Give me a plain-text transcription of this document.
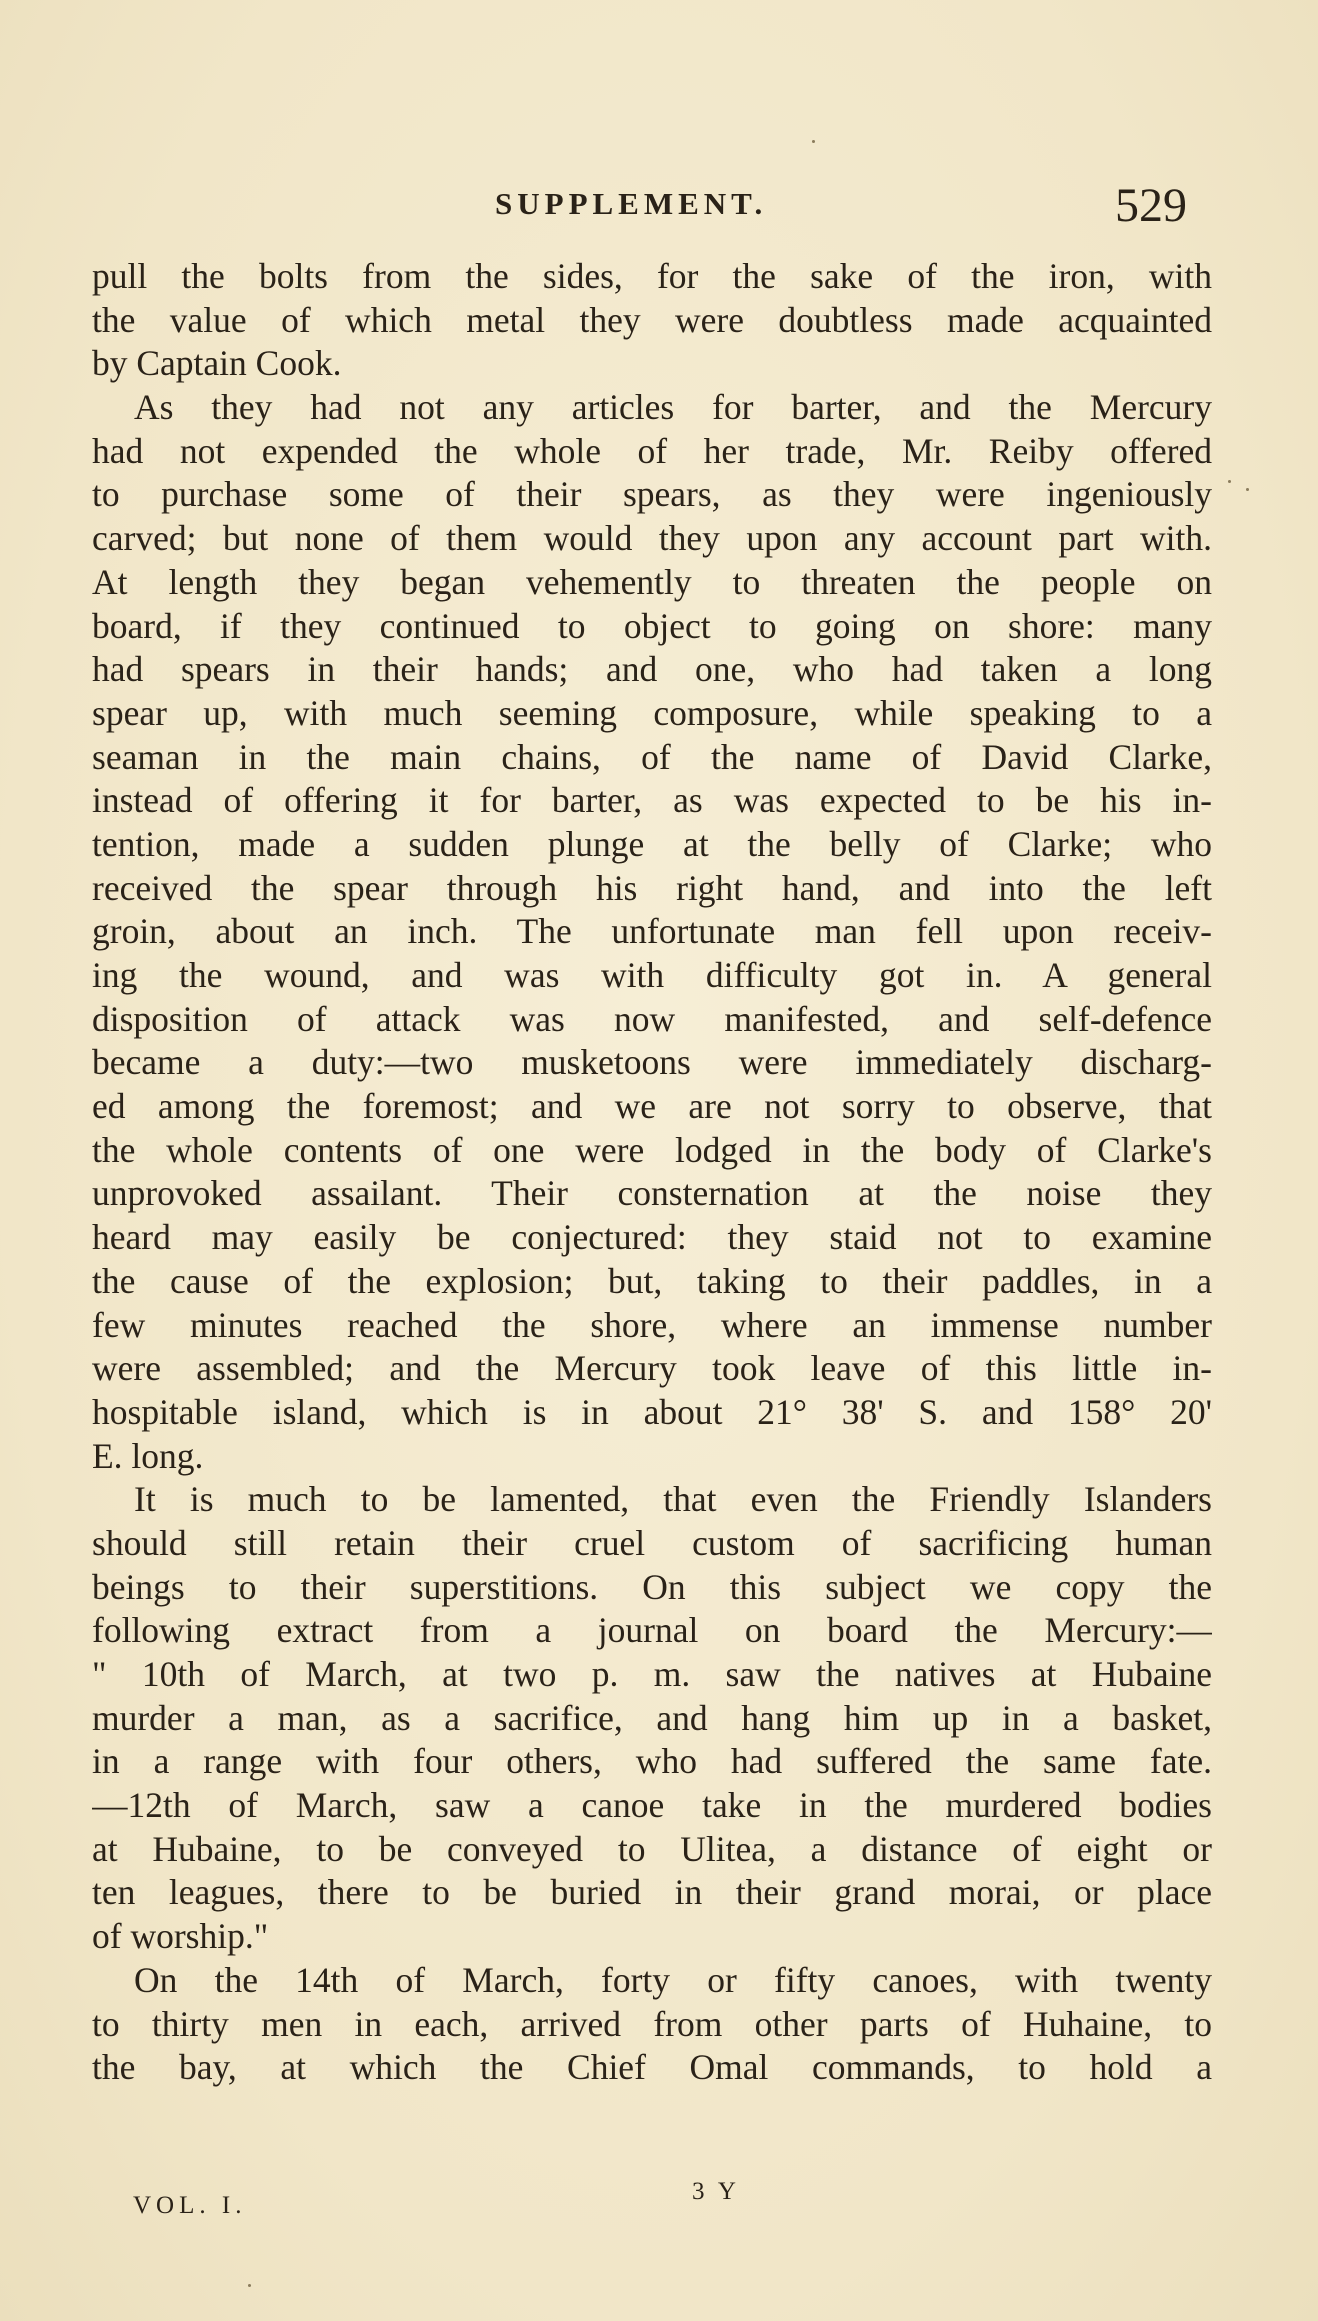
SUPPLEMENT.	529
pull the bolts from the sides, for the sake of the iron, with
the value of which metal they were doubtless made acquainted
by Captain Cook.
As they had not any articles for barter, and the Mercury
had not expended the whole of her trade, Mr. Reiby offered
to purchase some of their spears, as they were ingeniously
carved; but none of them would they upon any account part with.
At length they began vehemently to threaten the people on
board, if they continued to object to going on shore: many
had spears in their hands; and one, who had taken a long
spear up, with much seeming composure, while speaking to a
seaman in the main chains, of the name of David Clarke,
instead of offering it for barter, as was expected to be his in-
tention, made a sudden plunge at the belly of Clarke; who
received the spear through his right hand, and into the left
groin, about an inch. The unfortunate man fell upon receiv-
ing the wound, and was with difficulty got in. A general
disposition of attack was now manifested, and self-defence
became a duty:—two musketoons were immediately discharg-
ed among the foremost; and we are not sorry to observe, that
the whole contents of one were lodged in the body of Clarke's
unprovoked assailant. Their consternation at the noise they
heard may easily be conjectured: they staid not to examine
the cause of the explosion; but, taking to their paddles, in a
few minutes reached the shore, where an immense number
were assembled; and the Mercury took leave of this little in-
hospitable island, which is in about 21° 38' S. and 158° 20'
E. long.
It is much to be lamented, that even the Friendly Islanders
should still retain their cruel custom of sacrificing human
beings to their superstitions. On this subject we copy the
following extract from a journal on board the Mercury:—
" 10th of March, at two p. m. saw the natives at Hubaine
murder a man, as a sacrifice, and hang him up in a basket,
in a range with four others, who had suffered the same fate.
—12th of March, saw a canoe take in the murdered bodies
at Hubaine, to be conveyed to Ulitea, a distance of eight or
ten leagues, there to be buried in their grand morai, or place
of worship."
On the 14th of March, forty or fifty canoes, with twenty
to thirty men in each, arrived from other parts of Huhaine, to
the bay, at which the Chief Omal commands, to hold a
VOL. I.
3 Y
